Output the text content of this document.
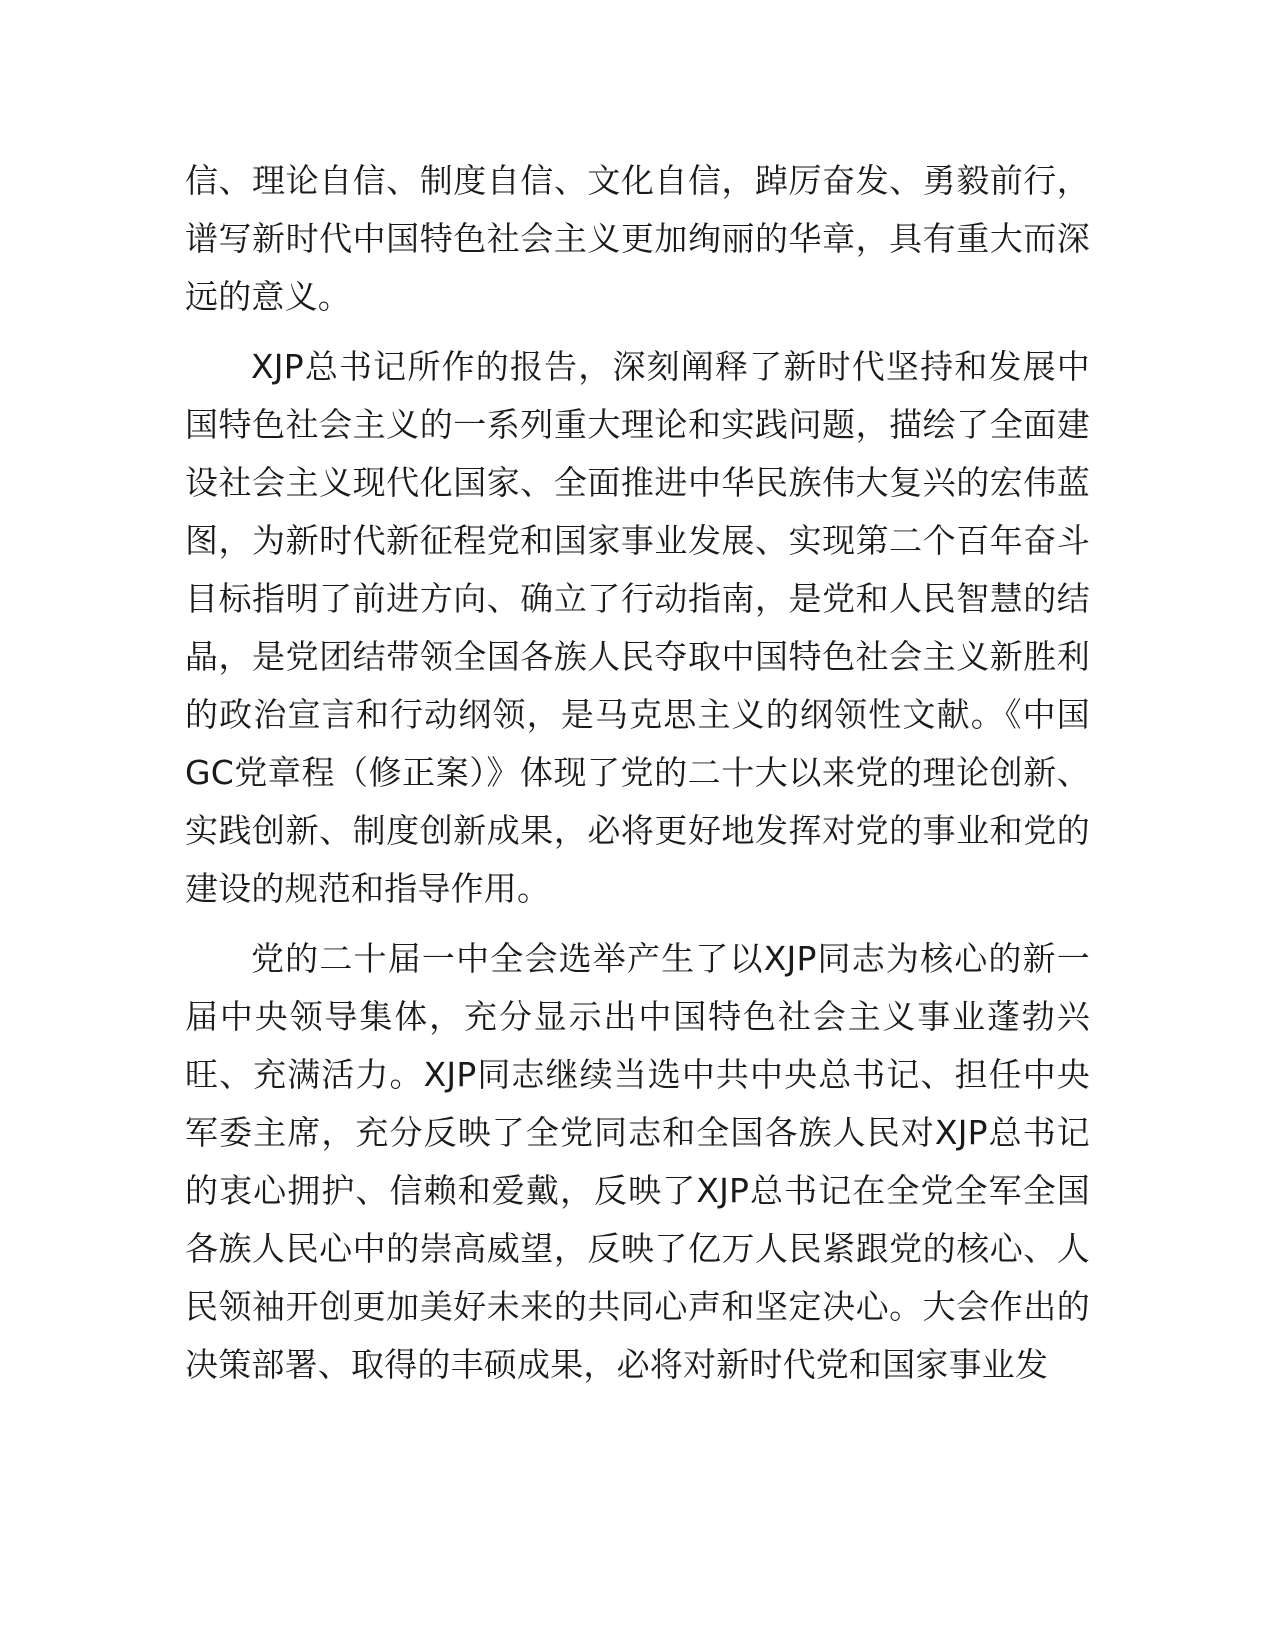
信、理论自信、制度自信、文化自信，踔厉奋发、勇毅前行，谱写新时代中国特色社会主义更加绚丽的华章，具有重大而深远的意义。

XJP总书记所作的报告，深刻阐释了新时代坚持和发展中国特色社会主义的一系列重大理论和实践问题，描绘了全面建设社会主义现代化国家、全面推进中华民族伟大复兴的宏伟蓝图，为新时代新征程党和国家事业发展、实现第二个百年奋斗目标指明了前进方向、确立了行动指南，是党和人民智慧的结晶，是党团结带领全国各族人民夺取中国特色社会主义新胜利的政治宣言和行动纲领，是马克思主义的纲领性文献。《中国GC党章程（修正案）》体现了党的二十大以来党的理论创新、实践创新、制度创新成果，必将更好地发挥对党的事业和党的建设的规范和指导作用。

党的二十届一中全会选举产生了以XJP同志为核心的新一届中央领导集体，充分显示出中国特色社会主义事业蓬勃兴旺、充满活力。XJP同志继续当选中共中央总书记、担任中央军委主席，充分反映了全党同志和全国各族人民对XJP总书记的衷心拥护、信赖和爱戴，反映了XJP总书记在全党全军全国各族人民心中的崇高威望，反映了亿万人民紧跟党的核心、人民领袖开创更加美好未来的共同心声和坚定决心。大会作出的决策部署、取得的丰硕成果，必将对新时代党和国家事业发
